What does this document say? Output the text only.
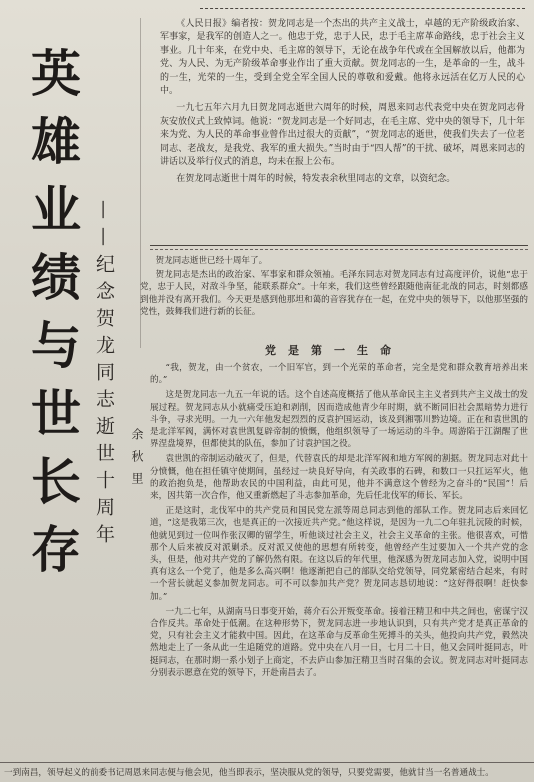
英
雄
业
绩
与
世
长
存 ——纪念贺龙同志逝世十周年	余秋里

《人民日报》编者按：贺龙同志是一个杰出的共产主义战士，卓越的无产阶级政治家、军事家，是我军的创造人之一。他忠于党，忠于人民，忠于毛主席革命路线，忠于社会主义事业。几十年来，在党中央、毛主席的领导下，无论在战争年代或在全国解放以后，他都为党、为人民、为无产阶级革命事业作出了重大贡献。贺龙同志的一生，是革命的一生，战斗的一生，光荣的一生，受到全党全军全国人民的尊敬和爱戴。他将永远活在亿万人民的心中。

一九七五年六月九日贺龙同志逝世六周年的时候，周恩来同志代表党中央在贺龙同志骨灰安放仪式上致悼词。他说：“贺龙同志是一个好同志，在毛主席、党中央的领导下，几十年来为党、为人民的革命事业曾作出过很大的贡献”，“贺龙同志的逝世，使我们失去了一位老同志、老战友，是我党、我军的重大损失。”当时由于“四人帮”的干扰、破坏，周恩来同志的讲话以及举行仪式的消息，均未在报上公布。

在贺龙同志逝世十周年的时候，特发表余秋里同志的文章，以资纪念。

贺龙同志逝世已经十周年了。

贺龙同志是杰出的政治家、军事家和群众领袖。毛泽东同志对贺龙同志有过高度评价，说他“忠于党，忠于人民，对敌斗争坚，能联系群众”。十年来，我们这些曾经跟随他南征北战的同志，时刻都感到他并没有离开我们。今天更是感到他那坦和蔼的音容犹存在一起，在党中央的领导下，以他那坚强的党性，鼓舞我们进行新的长征。

党是第一生命

“我，贺龙，由一个贫农，一个旧军官，到一个光荣的革命者，完全是党和群众教育培养出来的。”

这是贺龙同志一九五一年说的话。这个自述高度概括了他从革命民主主义者到共产主义战士的发展过程。贺龙同志从小就痛受压迫和剥削，因而造成他青少年时期，就不断同旧社会黑暗势力进行斗争，寻求光明。一九一六年他发起烈烈的反袁护国运动，该及到湘鄂川黔边境。正在和袁世凯的是北洋军阀，满怀对袁世凯复辟帝制的愤慨，他组织领导了一场运动的斗争。周游陷于江湖醒了世界涅盘境界，但都使其的队伍，参加了讨袁护国之役。

袁世凯的帝制运动破灭了，但是，代替袁氏的却是北洋军阀和地方军阀的割据。贺龙同志对此十分愤慨，他在担任镇守使期间，虽经过一块良好导向，有关政事的石碑，和数口一只扛运军火，他的政治抱负是，他帮助农民的中国利益，由此可见，他并不满意这个曾经为之奋斗的“民国”！后来，因共第一次合作，他又重新燃起了斗志参加革命，先后任北伐军的师长、军长。

正是这时，北伐军中的共产党员和国民党左派等周总同志到他的部队工作。贺龙同志后来回忆道，“这是我第三次，也是真正的一次接近共产党。”他这样说，是因为一九二○年驻扎沅陵的时候，他就见到过一位叫作张汉卿的留学生，听他谈过社会主义，社会主义革命的主张。他很喜欢，可惜那个人后来被反对派剿杀。反对派又使他的思想有所转变，他曾经产生过要加入一个共产党的念头，但是，他对共产党的了解仍然有限。在这以后的年代里，他深感为贺龙同志加入党，说明中国真有这么一个党了，他是多么高兴啊！他逐渐把自己的部队交给党领导，同党紧密结合起来，有时一个营长就起义参加贺龙同志。可不可以参加共产党？贺龙同志恳切地说：“这好得很啊！赶快参加。”

一九二七年，从湖南马日事变开始，蒋介石公开叛变革命。接着汪精卫和中共之间也，密谋宁汉合作反共。革命处于低潮。在这种形势下，贺龙同志进一步地认识到，只有共产党才是真正革命的党，只有社会主义才能救中国。因此，在这革命与反革命生死搏斗的关头，他投向共产党，毅然决然地走上了一条从此一生追随党的道路。党中央在八月一日，七月二十日，他又会同叶挺同志，叶挺同志，在那时期一系小划子上商定，不去庐山参加汪精卫当时召集的会议。贺龙同志对叶挺同志分别表示愿意在党的领导下，开赴南昌去了。

一到南昌，领导起义的前委书记周恩来同志便与他会见，他当即表示，坚决服从党的领导，只要党需要，他就甘当一名普通战士。
